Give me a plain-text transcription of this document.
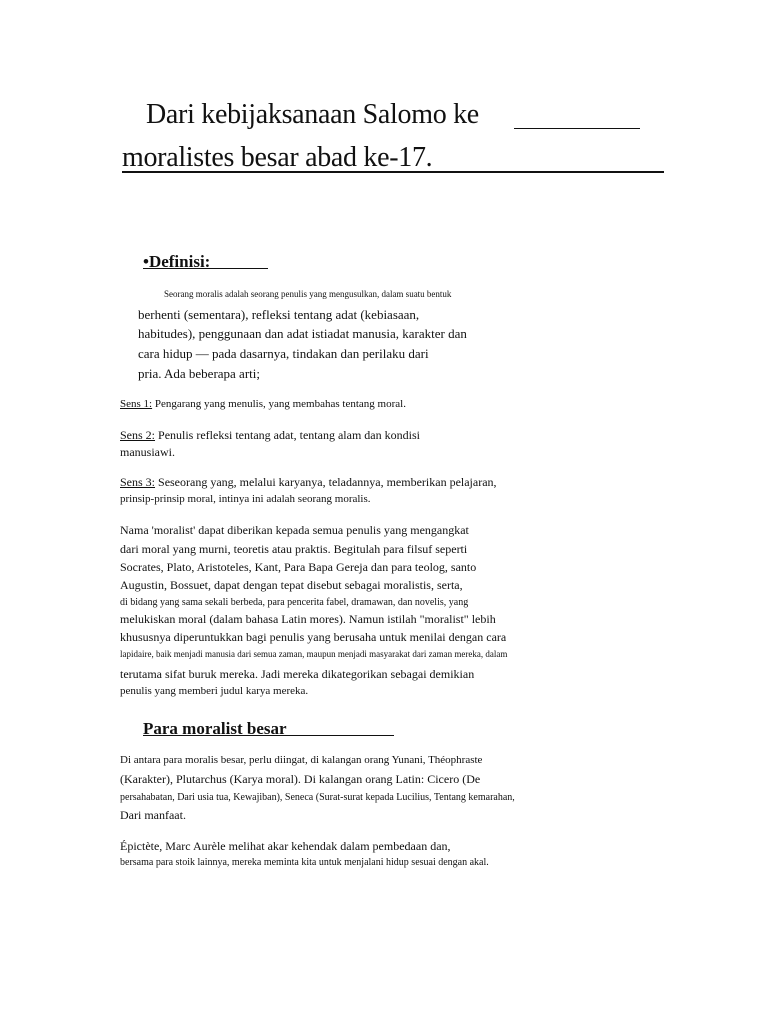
Dari kebijaksanaan Salomo ke
moralistes besar abad ke-17.
•Definisi:
Seorang moralis adalah seorang penulis yang mengusulkan, dalam suatu bentuk
berhenti (sementara), refleksi tentang adat (kebiasaan,
habitudes), penggunaan dan adat istiadat manusia, karakter dan
cara hidup — pada dasarnya, tindakan dan perilaku dari
pria. Ada beberapa arti;
Sens 1: Pengarang yang menulis, yang membahas tentang moral.
Sens 2: Penulis refleksi tentang adat, tentang alam dan kondisi
manusiawi.
Sens 3: Seseorang yang, melalui karyanya, teladannya, memberikan pelajaran,
prinsip-prinsip moral, intinya ini adalah seorang moralis.
Nama 'moralist' dapat diberikan kepada semua penulis yang mengangkat
dari moral yang murni, teoretis atau praktis. Begitulah para filsuf seperti
Socrates, Plato, Aristoteles, Kant, Para Bapa Gereja dan para teolog, santo
Augustin, Bossuet, dapat dengan tepat disebut sebagai moralistis, serta,
di bidang yang sama sekali berbeda, para pencerita fabel, dramawan, dan novelis, yang
melukiskan moral (dalam bahasa Latin mores). Namun istilah "moralist" lebih
khususnya diperuntukkan bagi penulis yang berusaha untuk menilai dengan cara
lapidaire, baik menjadi manusia dari semua zaman, maupun menjadi masyarakat dari zaman mereka, dalam
terutama sifat buruk mereka. Jadi mereka dikategorikan sebagai demikian
penulis yang memberi judul karya mereka.
Para moralist besar
Di antara para moralis besar, perlu diingat, di kalangan orang Yunani, Théophraste
(Karakter), Plutarchus (Karya moral). Di kalangan orang Latin: Cicero (De
persahabatan, Dari usia tua, Kewajiban), Seneca (Surat-surat kepada Lucilius, Tentang kemarahan,
Dari manfaat.
Épictète, Marc Aurèle melihat akar kehendak dalam pembedaan dan,
bersama para stoik lainnya, mereka meminta kita untuk menjalani hidup sesuai dengan akal.
